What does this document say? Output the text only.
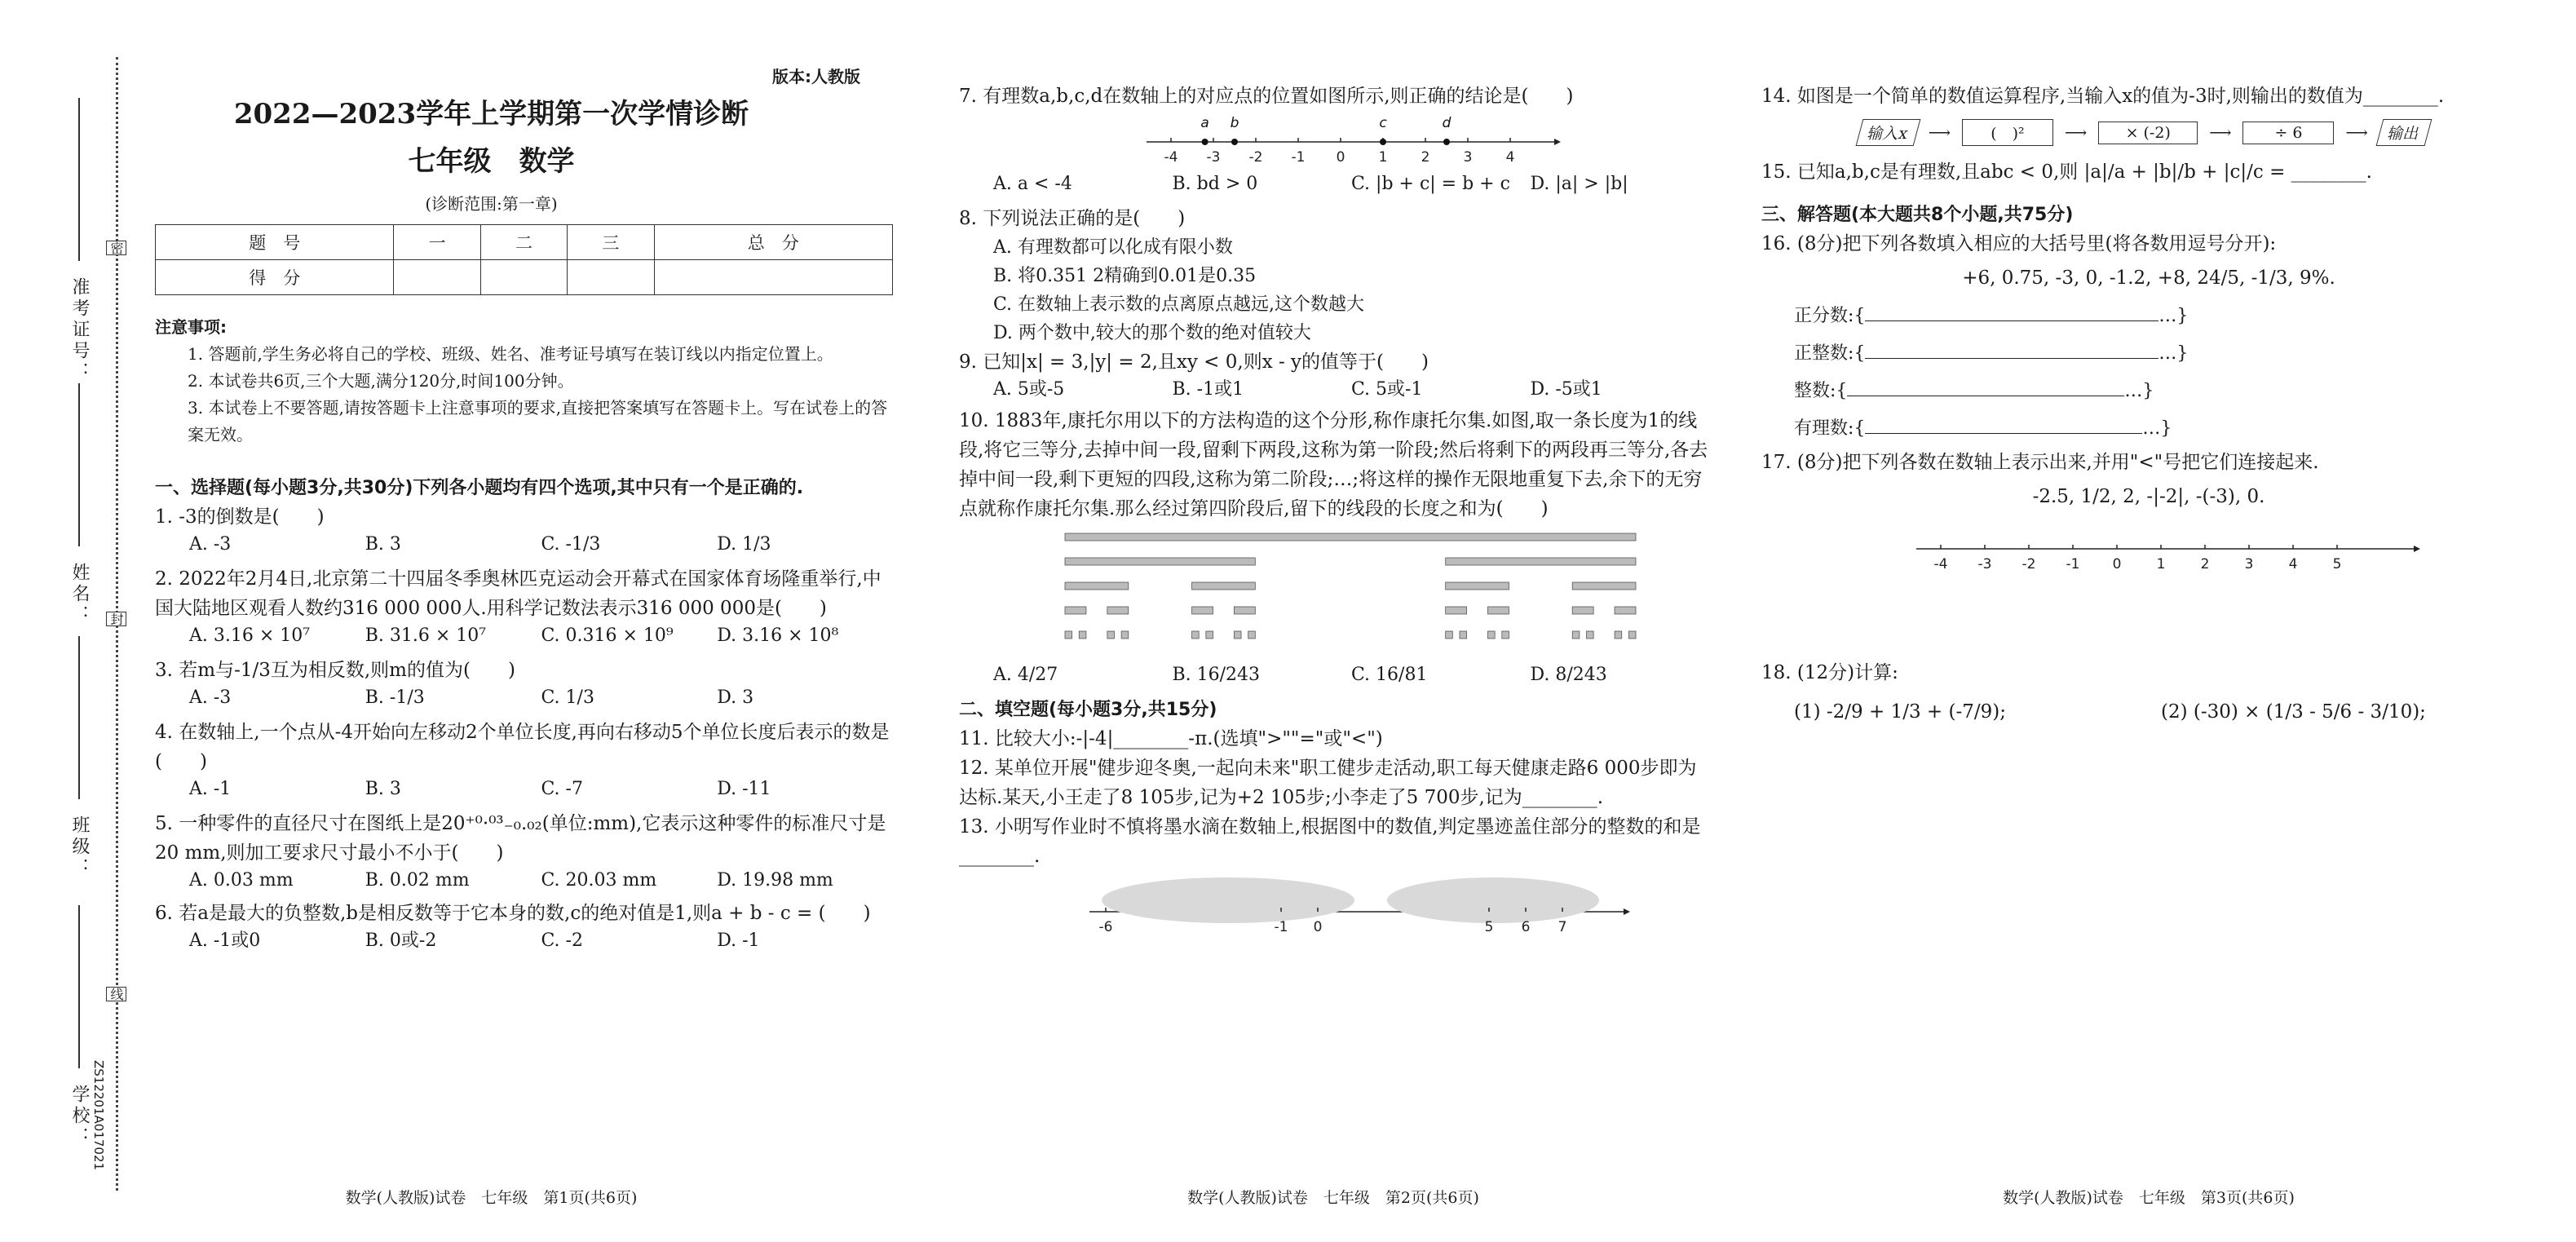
准考证号：
姓名：
班级：
学校：
密
封
线
ZS12201A017021
版本:人教版
2022—2023学年上学期第一次学情诊断
七年级　数学
(诊断范围:第一章)
题　号	一	二	三	总　分
得　分				
注意事项:
1. 答题前,学生务必将自己的学校、班级、姓名、准考证号填写在装订线以内指定位置上。
2. 本试卷共6页,三个大题,满分120分,时间100分钟。
3. 本试卷上不要答题,请按答题卡上注意事项的要求,直接把答案填写在答题卡上。写在试卷上的答案无效。
一、选择题(每小题3分,共30分)下列各小题均有四个选项,其中只有一个是正确的.
1. -3的倒数是(　　)
A. -3	B. 3	C. -1/3	D. 1/3
2. 2022年2月4日,北京第二十四届冬季奥林匹克运动会开幕式在国家体育场隆重举行,中国大陆地区观看人数约316 000 000人.用科学记数法表示316 000 000是(　　)
A. 3.16 × 10⁷	B. 31.6 × 10⁷	C. 0.316 × 10⁹	D. 3.16 × 10⁸
3. 若m与-1/3互为相反数,则m的值为(　　)
A. -3	B. -1/3	C. 1/3	D. 3
4. 在数轴上,一个点从-4开始向左移动2个单位长度,再向右移动5个单位长度后表示的数是(　　)
A. -1	B. 3	C. -7	D. -11
5. 一种零件的直径尺寸在图纸上是20⁺⁰·⁰³₋₀.₀₂(单位:mm),它表示这种零件的标准尺寸是20 mm,则加工要求尺寸最小不小于(　　)
A. 0.03 mm	B. 0.02 mm	C. 20.03 mm	D. 19.98 mm
6. 若a是最大的负整数,b是相反数等于它本身的数,c的绝对值是1,则a + b - c = (　　)
A. -1或0	B. 0或-2	C. -2	D. -1
数学(人教版)试卷　七年级　第1页(共6页)
7. 有理数a,b,c,d在数轴上的对应点的位置如图所示,则正确的结论是(　　)
-4 -3 -2 -1 0 1 2 3 4
a b	c	d
A. a < -4	B. bd > 0	C. |b + c| = b + c	D. |a| > |b|
8. 下列说法正确的是(　　)
A. 有理数都可以化成有限小数
B. 将0.351 2精确到0.01是0.35
C. 在数轴上表示数的点离原点越远,这个数越大
D. 两个数中,较大的那个数的绝对值较大
9. 已知|x| = 3,|y| = 2,且xy < 0,则x - y的值等于(　　)
A. 5或-5	B. -1或1	C. 5或-1	D. -5或1
10. 1883年,康托尔用以下的方法构造的这个分形,称作康托尔集.如图,取一条长度为1的线段,将它三等分,去掉中间一段,留剩下两段,这称为第一阶段;然后将剩下的两段再三等分,各去掉中间一段,剩下更短的四段,这称为第二阶段;…;将这样的操作无限地重复下去,余下的无穷点就称作康托尔集.那么经过第四阶段后,留下的线段的长度之和为(　　)
A. 4/27	B. 16/243	C. 16/81	D. 8/243
二、填空题(每小题3分,共15分)
11. 比较大小:-|-4|________-π.(选填">""="或"<")
12. 某单位开展"健步迎冬奥,一起向未来"职工健步走活动,职工每天健康走路6 000步即为达标.某天,小王走了8 105步,记为+2 105步;小李走了5 700步,记为________.
13. 小明写作业时不慎将墨水滴在数轴上,根据图中的数值,判定墨迹盖住部分的整数的和是________.
-6	-1 0	5 6 7
数学(人教版)试卷　七年级　第2页(共6页)
14. 如图是一个简单的数值运算程序,当输入x的值为-3时,则输出的数值为________.
输入x	⟶	(　)²	⟶	× (-2)	⟶	÷ 6	⟶	输出
15. 已知a,b,c是有理数,且abc < 0,则 |a|/a + |b|/b + |c|/c = ________.
三、解答题(本大题共8个小题,共75分)
16. (8分)把下列各数填入相应的大括号里(将各数用逗号分开):
+6, 0.75, -3, 0, -1.2, +8, 24/5, -1/3, 9%.
正分数:{	…}
正整数:{	…}
整数:{	…}
有理数:{	…}
17. (8分)把下列各数在数轴上表示出来,并用"<"号把它们连接起来.
-2.5, 1/2, 2, -|-2|, -(-3), 0.
-4 -3 -2 -1 0	1	2	3	4	5
18. (12分)计算:
(1) -2/9 + 1/3 + (-7/9);	(2) (-30) × (1/3 - 5/6 - 3/10);
数学(人教版)试卷　七年级　第3页(共6页)
